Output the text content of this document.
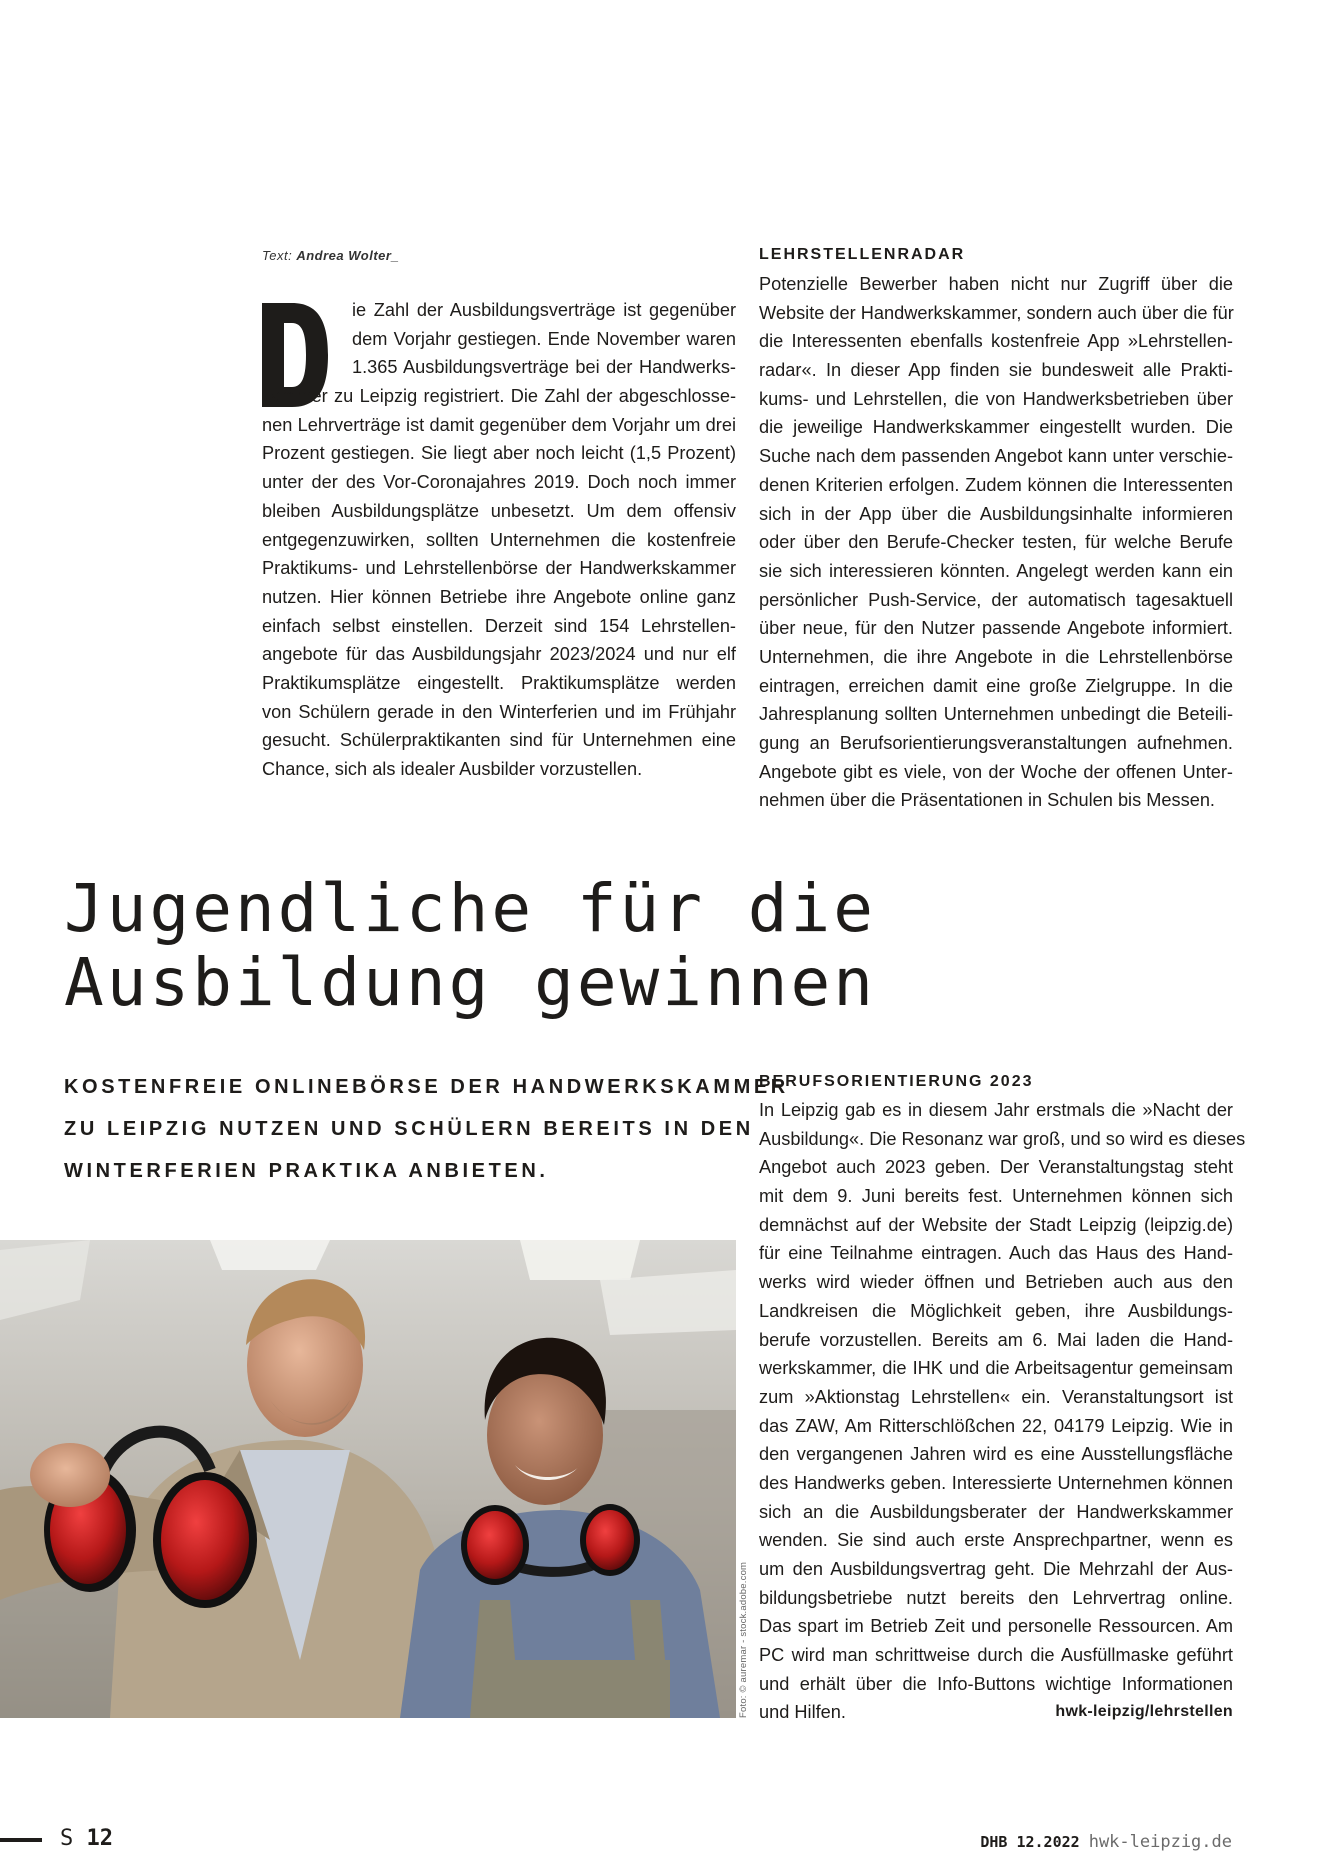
Text: Andrea Wolter_
D
ie Zahl der Ausbildungsverträge ist gegenüber
dem Vorjahr gestiegen. Ende November waren
1.365 Ausbildungsverträge bei der Handwerks-
kammer zu Leipzig registriert. Die Zahl der abgeschlosse-
nen Lehrverträge ist damit gegenüber dem Vorjahr um drei
Prozent gestiegen. Sie liegt aber noch leicht (1,5 Prozent)
unter der des Vor-Coronajahres 2019. Doch noch immer
bleiben Ausbildungsplätze unbesetzt. Um dem offensiv
entgegenzuwirken, sollten Unternehmen die kostenfreie
Praktikums- und Lehrstellenbörse der Handwerkskammer
nutzen. Hier können Betriebe ihre Angebote online ganz
einfach selbst einstellen. Derzeit sind 154 Lehrstellen-
angebote für das Ausbildungsjahr 2023/2024 und nur elf
Praktikumsplätze eingestellt. Praktikumsplätze werden
von Schülern gerade in den Winterferien und im Frühjahr
gesucht. Schülerpraktikanten sind für Unternehmen eine
Chance, sich als idealer Ausbilder vorzustellen.
LEHRSTELLENRADAR
Potenzielle Bewerber haben nicht nur Zugriff über die
Website der Handwerkskammer, sondern auch über die für
die Interessenten ebenfalls kostenfreie App »Lehrstellen-
radar«. In dieser App finden sie bundesweit alle Prakti-
kums- und Lehrstellen, die von Handwerksbetrieben über
die jeweilige Handwerkskammer eingestellt wurden. Die
Suche nach dem passenden Angebot kann unter verschie-
denen Kriterien erfolgen. Zudem können die Interessenten
sich in der App über die Ausbildungsinhalte informieren
oder über den Berufe-Checker testen, für welche Berufe
sie sich interessieren könnten. Angelegt werden kann ein
persönlicher Push-Service, der automatisch tagesaktuell
über neue, für den Nutzer passende Angebote informiert.
Unternehmen, die ihre Angebote in die Lehrstellenbörse
eintragen, erreichen damit eine große Zielgruppe. In die
Jahresplanung sollten Unternehmen unbedingt die Beteili-
gung an Berufsorientierungsveranstaltungen aufnehmen.
Angebote gibt es viele, von der Woche der offenen Unter-
nehmen über die Präsentationen in Schulen bis Messen.
Jugendliche für die
Ausbildung gewinnen
KOSTENFREIE ONLINEBÖRSE DER HANDWERKSKAMMER
ZU LEIPZIG NUTZEN UND SCHÜLERN BEREITS IN DEN
WINTERFERIEN PRAKTIKA ANBIETEN.
BERUFSORIENTIERUNG 2023
In Leipzig gab es in diesem Jahr erstmals die »Nacht der
Ausbildung«. Die Resonanz war groß, und so wird es dieses
Angebot auch 2023 geben. Der Veranstaltungstag steht
mit dem 9. Juni bereits fest. Unternehmen können sich
demnächst auf der Website der Stadt Leipzig (leipzig.de)
für eine Teilnahme eintragen. Auch das Haus des Hand-
werks wird wieder öffnen und Betrieben auch aus den
Landkreisen die Möglichkeit geben, ihre Ausbildungs-
berufe vorzustellen. Bereits am 6. Mai laden die Hand-
werkskammer, die IHK und die Arbeitsagentur gemeinsam
zum »Aktionstag Lehrstellen« ein. Veranstaltungsort ist
das ZAW, Am Ritterschlößchen 22, 04179 Leipzig. Wie in
den vergangenen Jahren wird es eine Ausstellungsfläche
des Handwerks geben. Interessierte Unternehmen können
sich an die Ausbildungsberater der Handwerkskammer
wenden. Sie sind auch erste Ansprechpartner, wenn es
um den Ausbildungsvertrag geht. Die Mehrzahl der Aus-
bildungsbetriebe nutzt bereits den Lehrvertrag online.
Das spart im Betrieb Zeit und personelle Ressourcen. Am
PC wird man schrittweise durch die Ausfüllmaske geführt
und erhält über die Info-Buttons wichtige Informationen
und Hilfen.	hwk-leipzig/lehrstellen
Foto: © auremar - stock.adobe.com
S 12	DHB 12.2022 hwk-leipzig.de
